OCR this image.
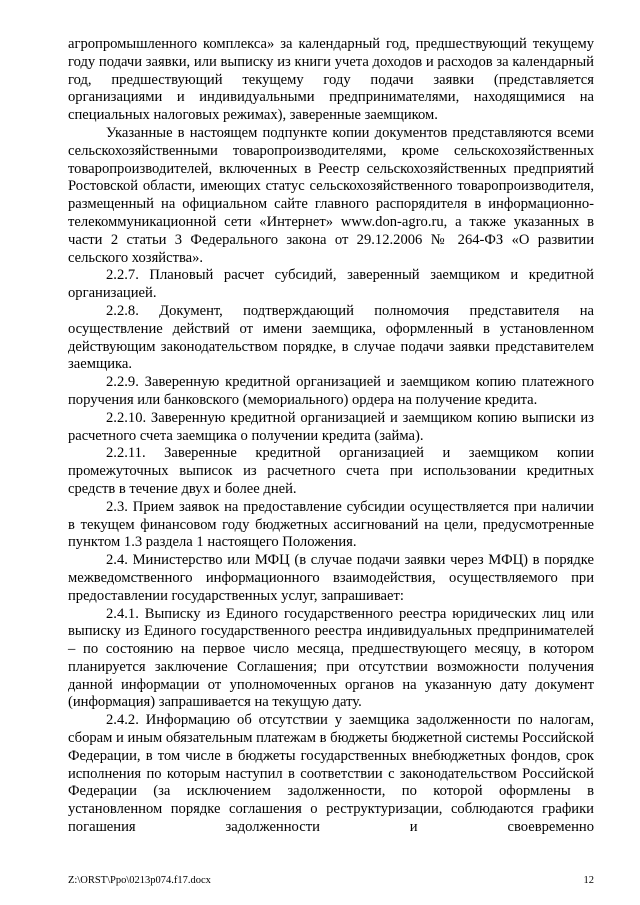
агропромышленного комплекса» за календарный год, предшествующий текущему году подачи заявки, или выписку из книги учета доходов и расходов за календарный год, предшествующий текущему году подачи заявки (представляется организациями и индивидуальными предпринимателями, находящимися на специальных налоговых режимах), заверенные заемщиком.

Указанные в настоящем подпункте копии документов представляются всеми сельскохозяйственными товаропроизводителями, кроме сельскохозяйственных товаропроизводителей, включенных в Реестр сельскохозяйственных предприятий Ростовской области, имеющих статус сельскохозяйственного товаропроизводителя, размещенный на официальном сайте главного распорядителя в информационно-телекоммуникационной сети «Интернет» www.don-agro.ru, а также указанных в части 2 статьи 3 Федерального закона от 29.12.2006 № 264-ФЗ «О развитии сельского хозяйства».

2.2.7. Плановый расчет субсидий, заверенный заемщиком и кредитной организацией.

2.2.8. Документ, подтверждающий полномочия представителя на осуществление действий от имени заемщика, оформленный в установленном действующим законодательством порядке, в случае подачи заявки представителем заемщика.

2.2.9. Заверенную кредитной организацией и заемщиком копию платежного поручения или банковского (мемориального) ордера на получение кредита.

2.2.10. Заверенную кредитной организацией и заемщиком копию выписки из расчетного счета заемщика о получении кредита (займа).

2.2.11. Заверенные кредитной организацией и заемщиком копии промежуточных выписок из расчетного счета при использовании кредитных средств в течение двух и более дней.

2.3. Прием заявок на предоставление субсидии осуществляется при наличии в текущем финансовом году бюджетных ассигнований на цели, предусмотренные пунктом 1.3 раздела 1 настоящего Положения.

2.4. Министерство или МФЦ (в случае подачи заявки через МФЦ) в порядке межведомственного информационного взаимодействия, осуществляемого при предоставлении государственных услуг, запрашивает:

2.4.1. Выписку из Единого государственного реестра юридических лиц или выписку из Единого государственного реестра индивидуальных предпринимателей – по состоянию на первое число месяца, предшествующего месяцу, в котором планируется заключение Соглашения; при отсутствии возможности получения данной информации от уполномоченных органов на указанную дату документ (информация) запрашивается на текущую дату.

2.4.2. Информацию об отсутствии у заемщика задолженности по налогам, сборам и иным обязательным платежам в бюджеты бюджетной системы Российской Федерации, в том числе в бюджеты государственных внебюджетных фондов, срок исполнения по которым наступил в соответствии с законодательством Российской Федерации (за исключением задолженности, по которой оформлены в установленном порядке соглашения о реструктуризации, соблюдаются графики погашения задолженности и своевременно

Z:\ORST\Ppo\0213p074.f17.docx	12
